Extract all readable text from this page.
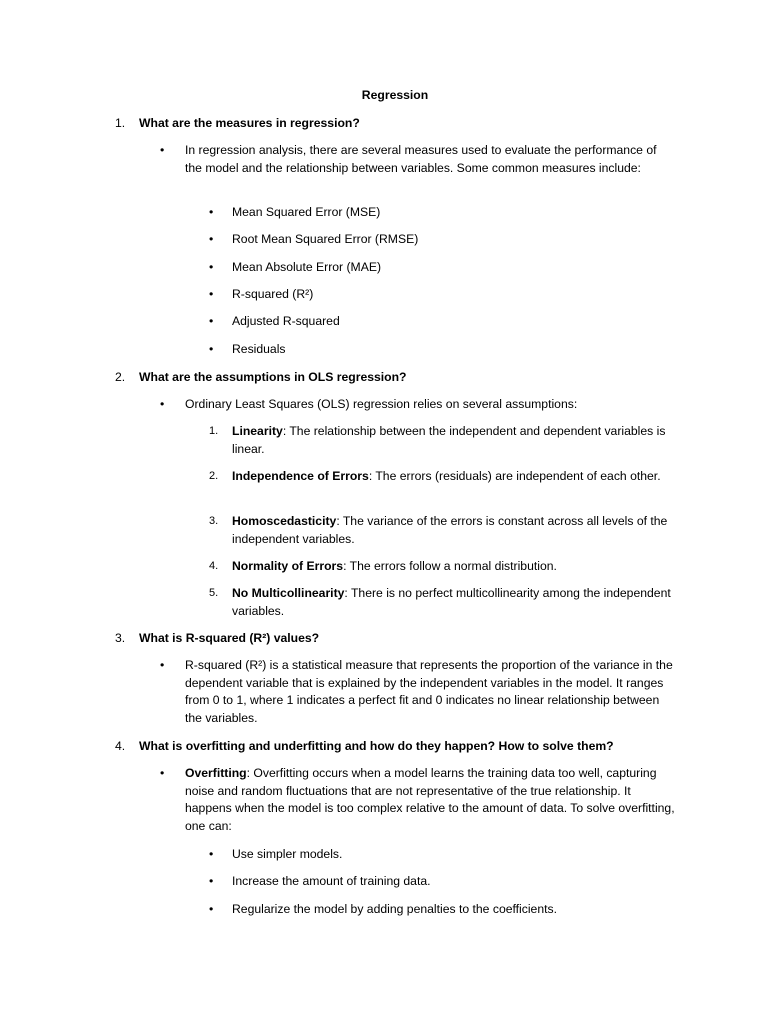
Regression
1. What are the measures in regression?
• In regression analysis, there are several measures used to evaluate the performance of the model and the relationship between variables. Some common measures include:
• Mean Squared Error (MSE)
• Root Mean Squared Error (RMSE)
• Mean Absolute Error (MAE)
• R-squared (R²)
• Adjusted R-squared
• Residuals
2. What are the assumptions in OLS regression?
• Ordinary Least Squares (OLS) regression relies on several assumptions:
1. Linearity: The relationship between the independent and dependent variables is linear.
2. Independence of Errors: The errors (residuals) are independent of each other.
3. Homoscedasticity: The variance of the errors is constant across all levels of the independent variables.
4. Normality of Errors: The errors follow a normal distribution.
5. No Multicollinearity: There is no perfect multicollinearity among the independent variables.
3. What is R-squared (R²) values?
• R-squared (R²) is a statistical measure that represents the proportion of the variance in the dependent variable that is explained by the independent variables in the model. It ranges from 0 to 1, where 1 indicates a perfect fit and 0 indicates no linear relationship between the variables.
4. What is overfitting and underfitting and how do they happen? How to solve them?
• Overfitting: Overfitting occurs when a model learns the training data too well, capturing noise and random fluctuations that are not representative of the true relationship. It happens when the model is too complex relative to the amount of data. To solve overfitting, one can:
• Use simpler models.
• Increase the amount of training data.
• Regularize the model by adding penalties to the coefficients.
